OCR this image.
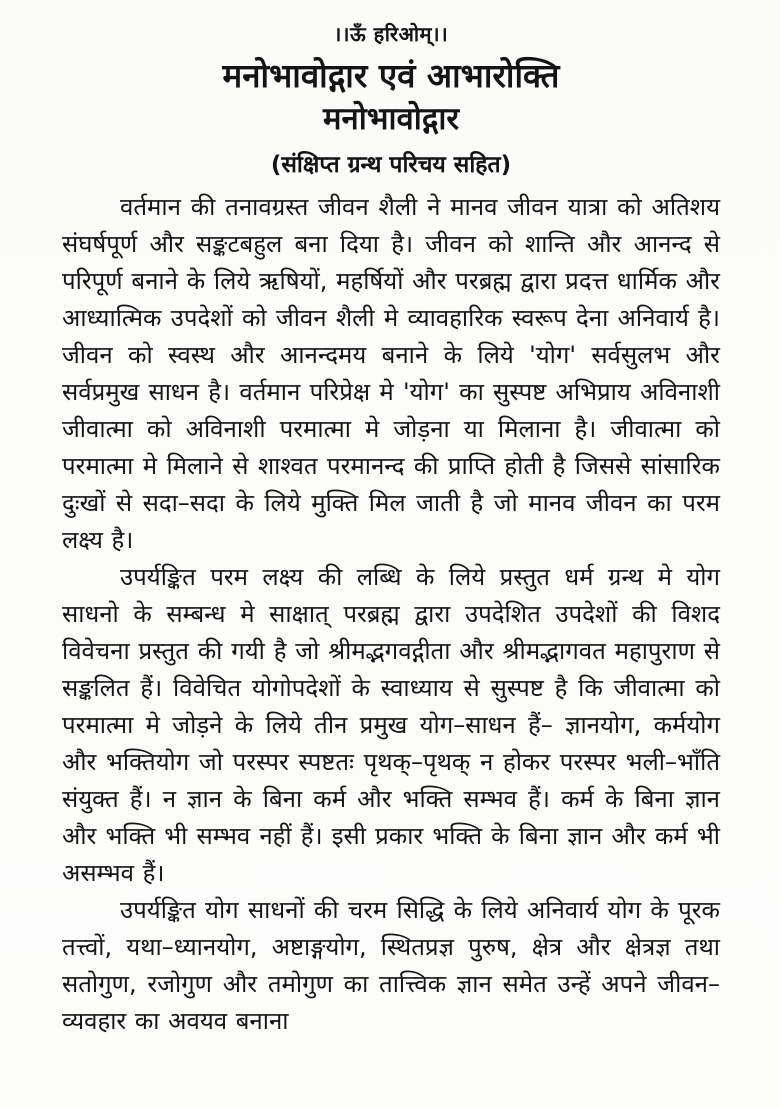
।।ऊँ हरिओम्।।
मनोभावोद्गार एवं आभारोक्ति
मनोभावोद्गार
(संक्षिप्त ग्रन्थ परिचय सहित)

वर्तमान की तनावग्रस्त जीवन शैली ने मानव जीवन यात्रा को अतिशय संघर्षपूर्ण और सङ्कटबहुल बना दिया है। जीवन को शान्ति और आनन्द से परिपूर्ण बनाने के लिये ऋषियों, महर्षियों और परब्रह्म द्वारा प्रदत्त धार्मिक और आध्यात्मिक उपदेशों को जीवन शैली मे व्यावहारिक स्वरूप देना अनिवार्य है। जीवन को स्वस्थ और आनन्दमय बनाने के लिये 'योग' सर्वसुलभ और सर्वप्रमुख साधन है। वर्तमान परिप्रेक्ष मे 'योग' का सुस्पष्ट अभिप्राय अविनाशी जीवात्मा को अविनाशी परमात्मा मे जोड़ना या मिलाना है। जीवात्मा को परमात्मा मे मिलाने से शाश्वत परमानन्द की प्राप्ति होती है जिससे सांसारिक दुःखों से सदा–सदा के लिये मुक्ति मिल जाती है जो मानव जीवन का परम लक्ष्य है।

उपर्यङ्कित परम लक्ष्य की लब्धि के लिये प्रस्तुत धर्म ग्रन्थ मे योग साधनो के सम्बन्ध मे साक्षात् परब्रह्म द्वारा उपदेशित उपदेशों की विशद विवेचना प्रस्तुत की गयी है जो श्रीमद्भगवद्गीता और श्रीमद्भागवत महापुराण से सङ्कलित हैं। विवेचित योगोपदेशों के स्वाध्याय से सुस्पष्ट है कि जीवात्मा को परमात्मा मे जोड़ने के लिये तीन प्रमुख योग–साधन हैं– ज्ञानयोग, कर्मयोग और भक्तियोग जो परस्पर स्पष्टतः पृथक्–पृथक् न होकर परस्पर भली–भाँति संयुक्त हैं। न ज्ञान के बिना कर्म और भक्ति सम्भव हैं। कर्म के बिना ज्ञान और भक्ति भी सम्भव नहीं हैं। इसी प्रकार भक्ति के बिना ज्ञान और कर्म भी असम्भव हैं।

उपर्यङ्कित योग साधनों की चरम सिद्धि के लिये अनिवार्य योग के पूरक तत्त्वों, यथा–ध्यानयोग, अष्टाङ्गयोग, स्थितप्रज्ञ पुरुष, क्षेत्र और क्षेत्रज्ञ तथा सतोगुण, रजोगुण और तमोगुण का तात्त्विक ज्ञान समेत उन्हें अपने जीवन–व्यवहार का अवयव बनाना
